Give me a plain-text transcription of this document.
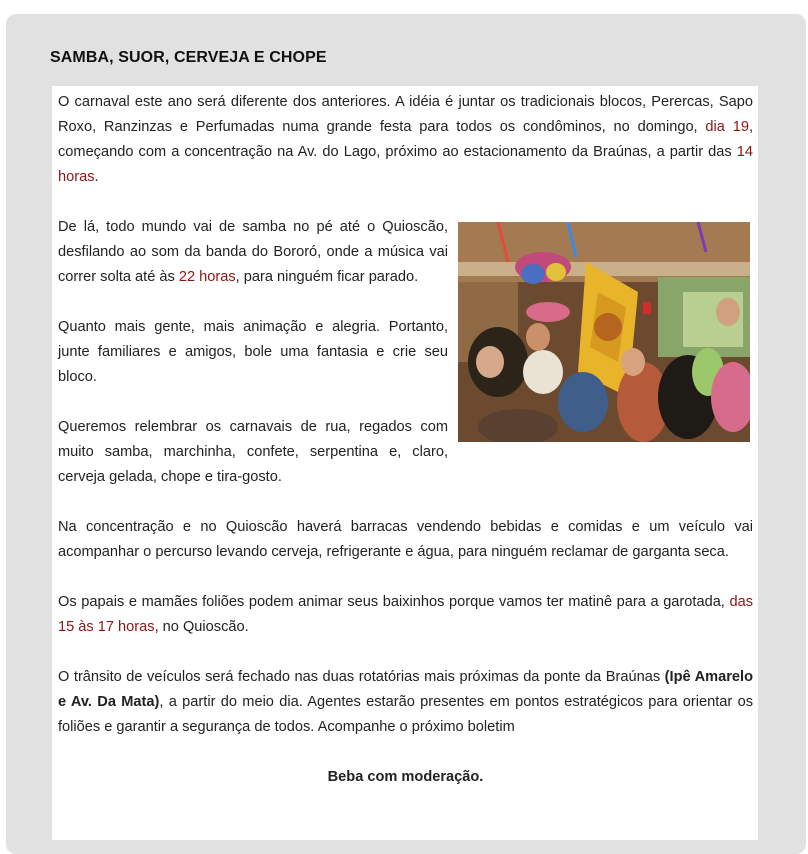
SAMBA, SUOR, CERVEJA E CHOPE

O carnaval este ano será diferente dos anteriores. A idéia é juntar os tradicionais blocos, Perercas, Sapo Roxo, Ranzinzas e Perfumadas numa grande festa para todos os condôminos, no domingo, dia 19, começando com a concentração na Av. do Lago, próximo ao estacionamento da Braúnas, a partir das 14 horas.

De lá, todo mundo vai de samba no pé até o Quioscão, desfilando ao som da banda do Bororó, onde a música vai correr solta até às 22 horas, para ninguém ficar parado.

Quanto mais gente, mais animação e alegria. Portanto, junte familiares e amigos, bole uma fantasia e crie seu bloco.

Queremos relembrar os carnavais de rua, regados com muito samba, marchinha, confete, serpentina e, claro, cerveja gelada, chope e tira-gosto.

Na concentração e no Quioscão haverá barracas vendendo bebidas e comidas e um veículo vai acompanhar o percurso levando cerveja, refrigerante e água, para ninguém reclamar de garganta seca.

Os papais e mamães foliões podem animar seus baixinhos porque vamos ter matinê para a garotada, das 15 às 17 horas, no Quioscão.

O trânsito de veículos será fechado nas duas rotatórias mais próximas da ponte da Braúnas (Ipê Amarelo e Av. Da Mata), a partir do meio dia. Agentes estarão presentes em pontos estratégicos para orientar os foliões e garantir a segurança de todos. Acompanhe o próximo boletim

Beba com moderação.
